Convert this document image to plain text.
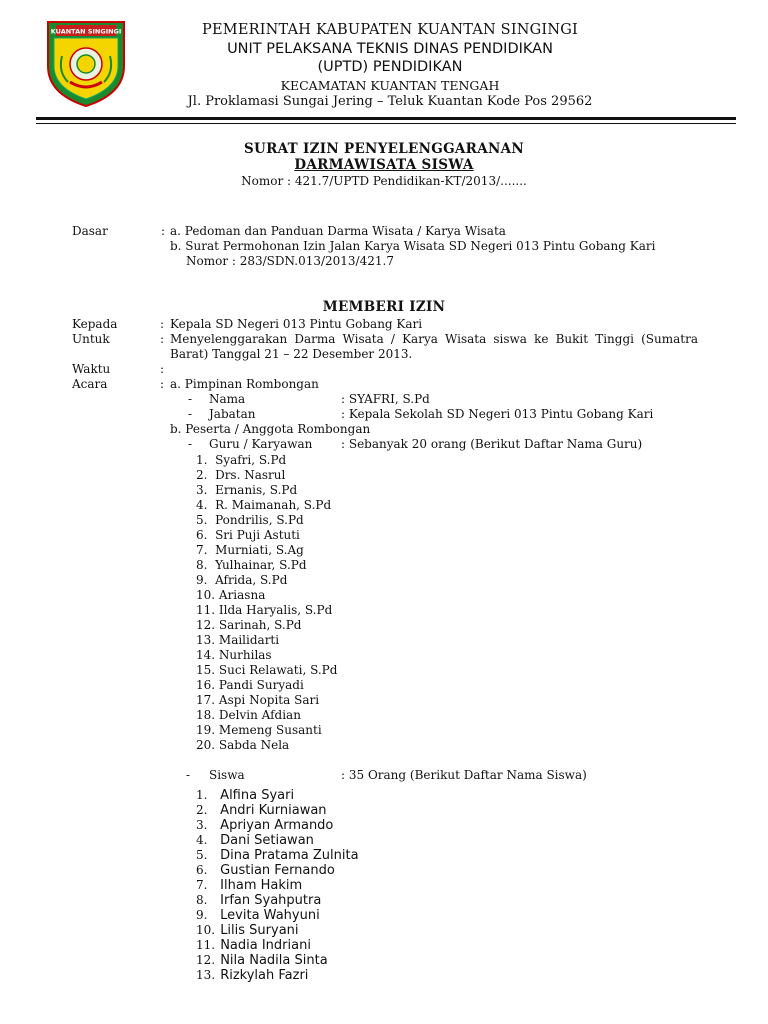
KUANTAN SINGINGI	PEMERINTAH KABUPATEN KUANTAN SINGINGI
UNIT PELAKSANA TEKNIS DINAS PENDIDIKAN
(UPTD) PENDIDIKAN
KECAMATAN KUANTAN TENGAH
Jl. Proklamasi Sungai Jering – Teluk Kuantan Kode Pos 29562
SURAT IZIN PENYELENGGARANAN
DARMAWISATA SISWA
Nomor : 421.7/UPTD Pendidikan-KT/2013/.......
Dasar	: a. Pedoman dan Panduan Darma Wisata / Karya Wisata
b. Surat Permohonan Izin Jalan Karya Wisata SD Negeri 013 Pintu Gobang Kari
Nomor : 283/SDN.013/2013/421.7
MEMBERI IZIN
Kepada	: Kepala SD Negeri 013 Pintu Gobang Kari
Untuk	: Menyelenggarakan Darma Wisata / Karya Wisata siswa ke Bukit Tinggi (Sumatra
Barat) Tanggal 21 – 22 Desember 2013.
Waktu	:
Acara	: a. Pimpinan Rombongan
- Nama	: SYAFRI, S.Pd
- Jabatan	: Kepala Sekolah SD Negeri 013 Pintu Gobang Kari
b. Peserta / Anggota Rombongan
- Guru / Karyawan : Sebanyak 20 orang (Berikut Daftar Nama Guru)
1.  Syafri, S.Pd
2.  Drs. Nasrul
3.  Ernanis, S.Pd
4.  R. Maimanah, S.Pd
5.  Pondrilis, S.Pd
6.  Sri Puji Astuti
7.  Murniati, S.Ag
8.  Yulhainar, S.Pd
9.  Afrida, S.Pd
10. Ariasna
11. Ilda Haryalis, S.Pd
12. Sarinah, S.Pd
13. Mailidarti
14. Nurhilas
15. Suci Relawati, S.Pd
16. Pandi Suryadi
17. Aspi Nopita Sari
18. Delvin Afdian
19. Memeng Susanti
20. Sabda Nela
- Siswa	: 35 Orang (Berikut Daftar Nama Siswa)
1.   Alfina Syari
2.   Andri Kurniawan
3.   Apriyan Armando
4.   Dani Setiawan
5.   Dina Pratama Zulnita
6.   Gustian Fernando
7.   Ilham Hakim
8.   Irfan Syahputra
9.   Levita Wahyuni
10. Lilis Suryani
11. Nadia Indriani
12. Nila Nadila Sinta
13. Rizkylah Fazri
